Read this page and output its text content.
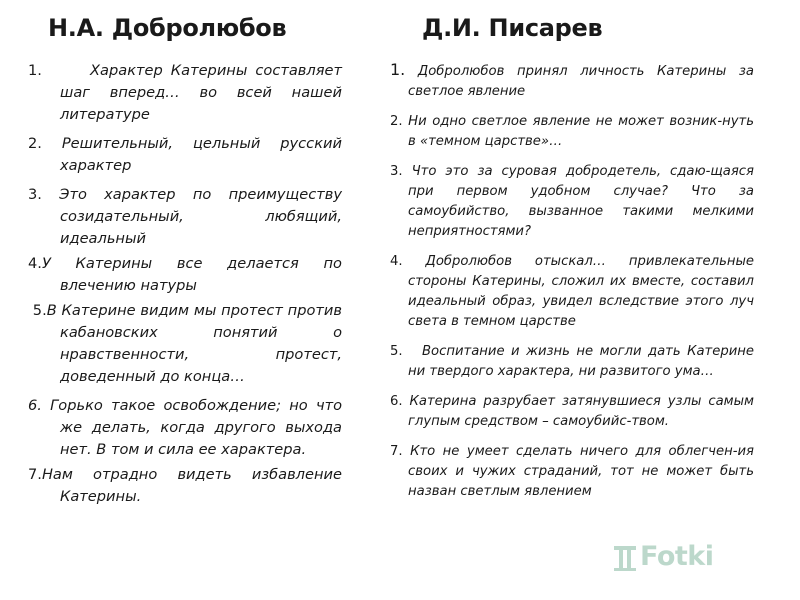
Н.А. Добролюбов	Д.И. Писарев

1.	Характер Катерины составляет шаг вперед… во всей нашей литературе

2. Решительный, цельный русский характер

3. Это характер по преимуществу созидательный, любящий, идеальный

4.У Катерины все делается по влечению натуры

5.В Катерине видим мы протест против кабановских понятий о нравственности, протест, доведенный до конца…

6. Горько такое освобождение; но что же делать, когда другого выхода нет. В том и сила ее характера.

7.Нам отрадно видеть избавление Катерины.

1. Добролюбов принял личность Катерины за светлое явление

2. Ни одно светлое явление не может возник-нуть в «темном царстве»…

3. Что это за суровая добродетель, сдаю-щаяся при первом удобном случае? Что за самоубийство, вызванное такими мелкими неприятностями?

4. Добролюбов отыскал… привлекательные стороны Катерины, сложил их вместе, составил идеальный образ, увидел вследствие этого луч света в темном царстве

5. Воспитание и жизнь не могли дать Катерине ни твердого характера, ни развитого ума…

6. Катерина разрубает затянувшиеся узлы самым глупым средством – самоубийс-твом.

7. Кто не умеет сделать ничего для облегчен-ия своих и чужих страданий, тот не может быть назван светлым явлением

Fotki
